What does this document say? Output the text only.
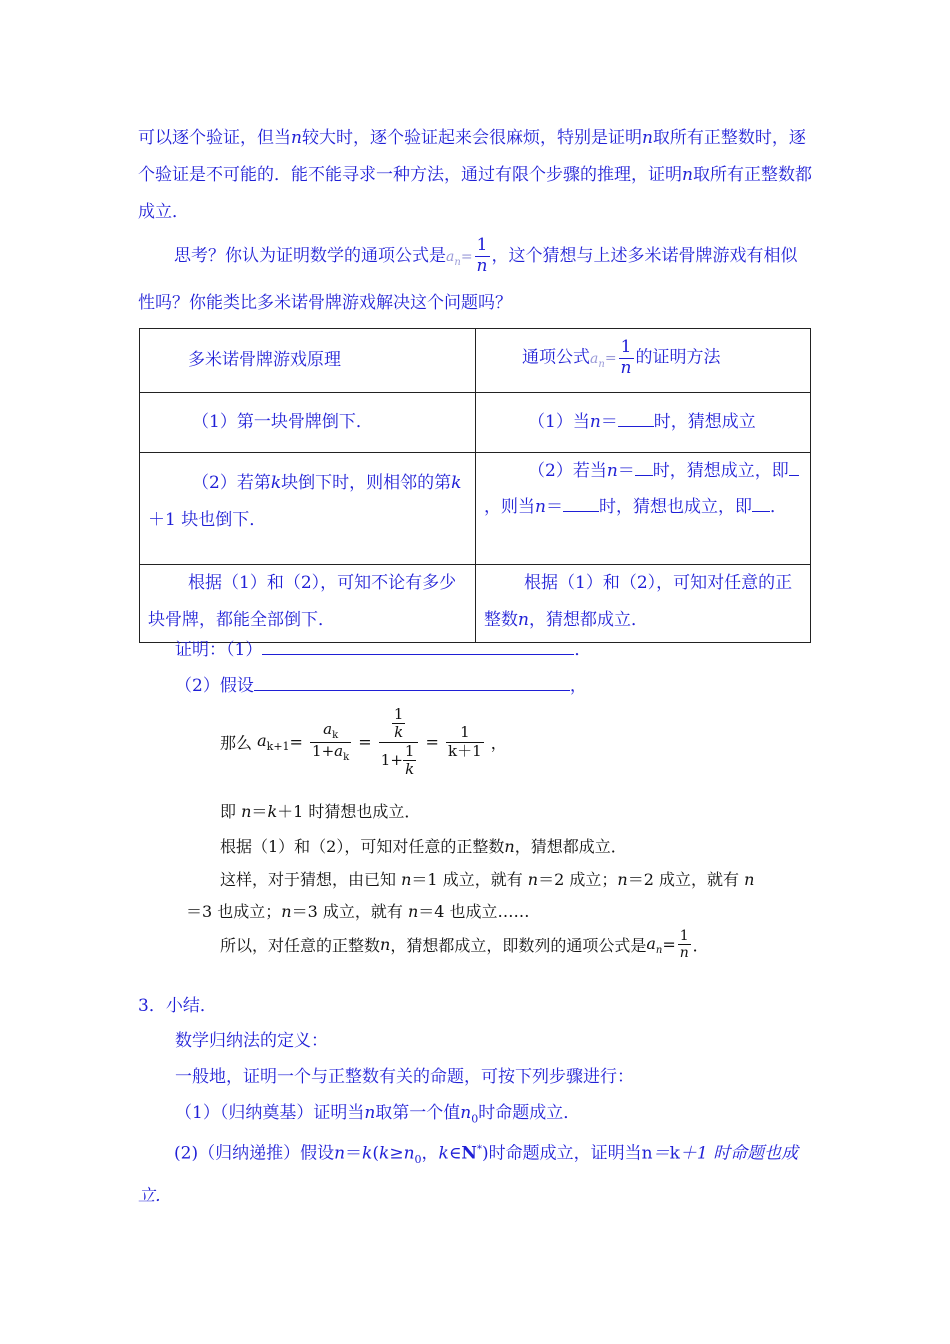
可以逐个验证，但当n较大时，逐个验证起来会很麻烦，特别是证明n取所有正整数时，逐个验证是不可能的．能不能寻求一种方法，通过有限个步骤的推理，证明n取所有正整数都成立．
思考？你认为证明数学的通项公式是$a_n= \frac{1}{n}$ ，这个猜想与上述多米诺骨牌游戏有相似性吗？你能类比多米诺骨牌游戏解决这个问题吗？
多米诺骨牌游戏原理	通项公式$a_n= \frac{1}{n}$ 的证明方法
（1）第一块骨牌倒下．	（1）当n＝ 时，猜想成立
（2）若第k块倒下时，则相邻的第k＋1 块也倒下．	（2）若当n＝ 时，猜想成立，即，则当n＝ 时，猜想也成立，即 ．
根据（1）和（2），可知不论有多少块骨牌，都能全部倒下．	根据（1）和（2），可知对任意的正整数n，猜想都成立．
证明：（1）	．
（2）假设	，
那么 $a_{k+1}= \frac{a_k}{1+a_k} = \frac{\frac{1}{k}}{1+ \frac{1}{k}} = \frac{1}{k+1}$ ，
即 n＝k＋1 时猜想也成立．
根据（1）和（2），可知对任意的正整数n，猜想都成立．
这样，对于猜想，由已知 n＝1 成立，就有 n＝2 成立；n＝2 成立，就有 n
＝3 也成立；n＝3 成立，就有 n＝4 也成立……
所以，对任意的正整数n，猜想都成立，即数列的通项公式是$a_n= \frac{1}{n}$ ．
3．小结．
数学归纳法的定义：
一般地，证明一个与正整数有关的命题，可按下列步骤进行：
（1）（归纳奠基）证明当n取第一个值$n_0$时命题成立．
(2)（归纳递推）假设$n=k(k\ge n_0$，k∈N*)时命题成立，证明当n＝k＋1 时命题也成立．
